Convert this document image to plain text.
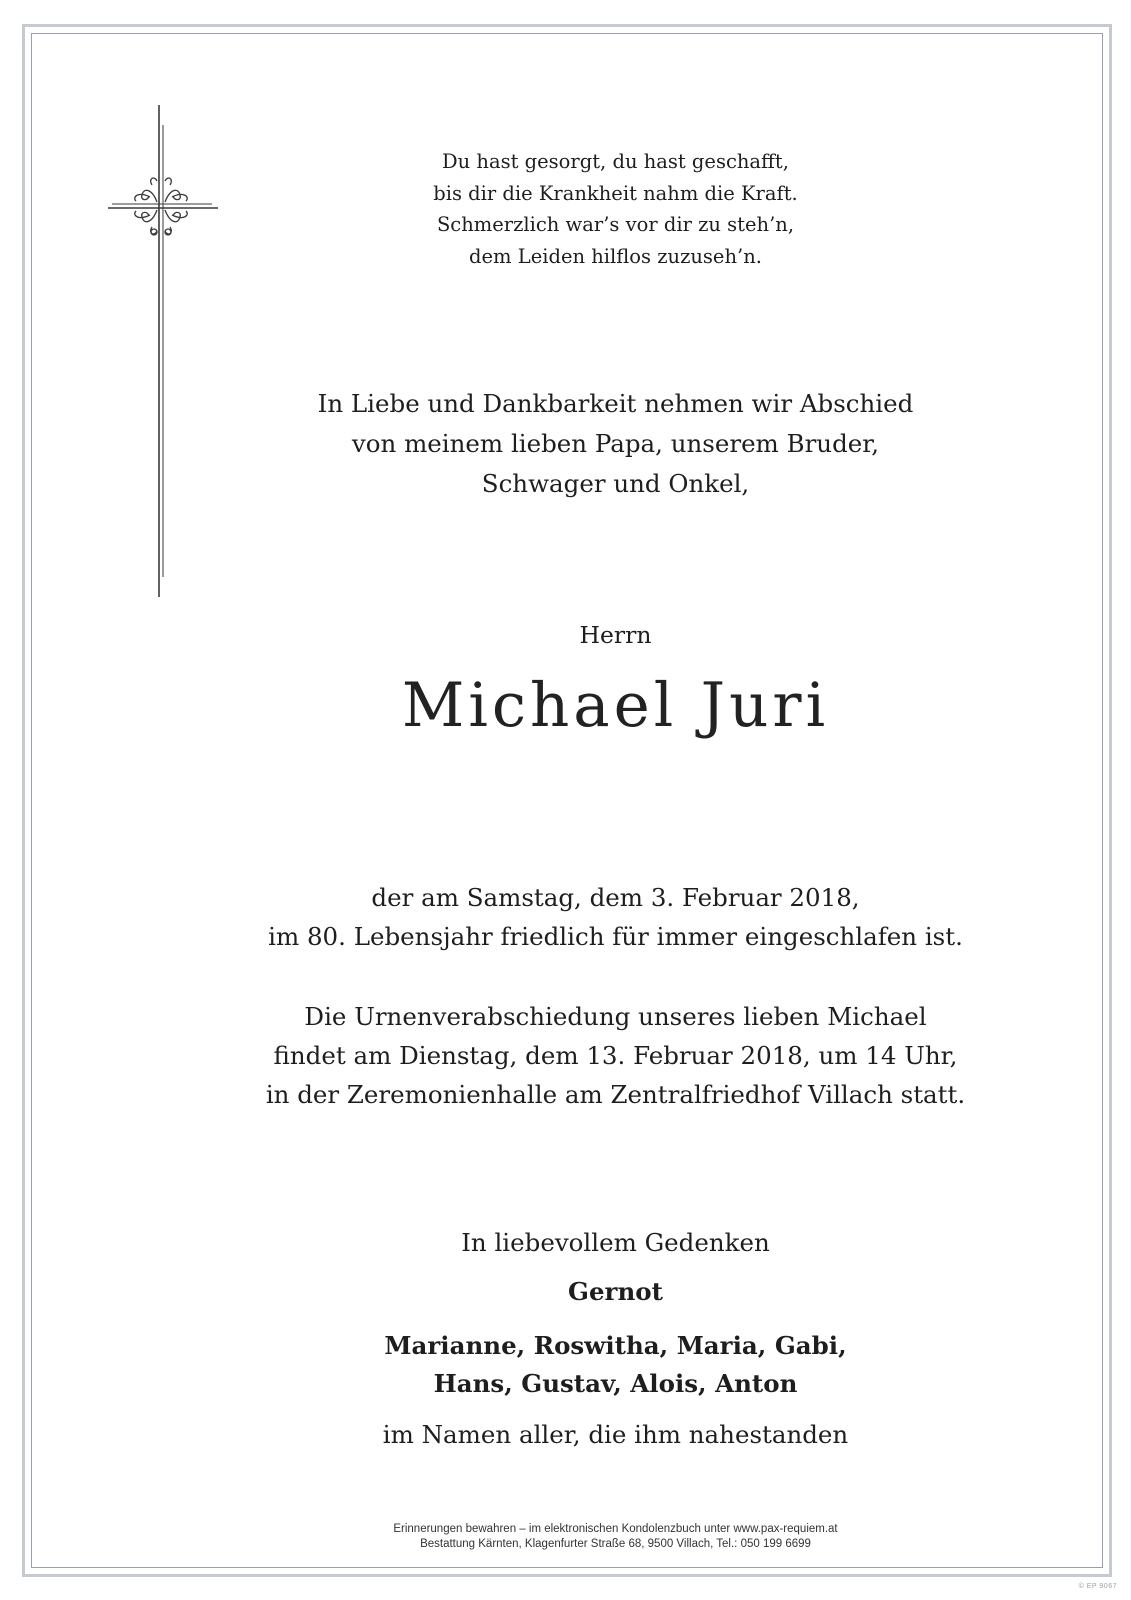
Du hast gesorgt, du hast geschafft,
bis dir die Krankheit nahm die Kraft.
Schmerzlich war’s vor dir zu steh’n,
dem Leiden hilflos zuzuseh’n.
In Liebe und Dankbarkeit nehmen wir Abschied
von meinem lieben Papa, unserem Bruder,
Schwager und Onkel,
Herrn
Michael Juri
der am Samstag, dem 3. Februar 2018,
im 80. Lebensjahr friedlich für immer eingeschlafen ist.
Die Urnenverabschiedung unseres lieben Michael
findet am Dienstag, dem 13. Februar 2018, um 14 Uhr,
in der Zeremonienhalle am Zentralfriedhof Villach statt.
In liebevollem Gedenken
Gernot
Marianne, Roswitha, Maria, Gabi,
Hans, Gustav, Alois, Anton
im Namen aller, die ihm nahestanden
Erinnerungen bewahren – im elektronischen Kondolenzbuch unter www.pax-requiem.at
Bestattung Kärnten, Klagenfurter Straße 68, 9500 Villach, Tel.: 050 199 6699
© EP 9067
